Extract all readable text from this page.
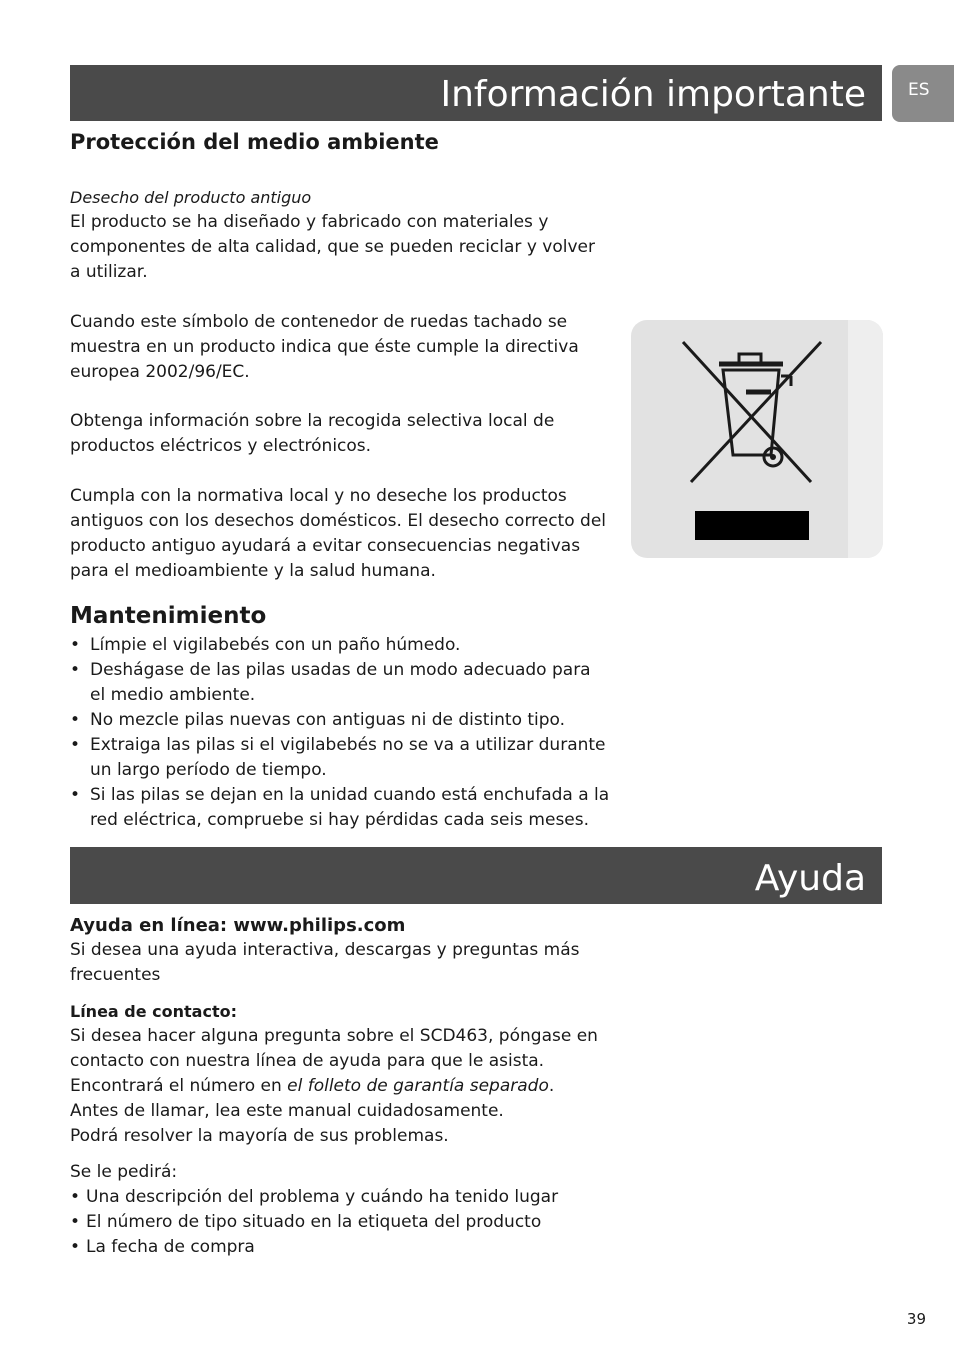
Información importante	ES
Protección del medio ambiente
Desecho del producto antiguo
El producto se ha diseñado y fabricado con materiales y componentes de alta calidad, que se pueden reciclar y volver a utilizar.
Cuando este símbolo de contenedor de ruedas tachado se muestra en un producto indica que éste cumple la directiva europea 2002/96/EC.
Obtenga información sobre la recogida selectiva local de productos eléctricos y electrónicos.
Cumpla con la normativa local y no deseche los productos antiguos con los desechos domésticos. El desecho correcto del producto antiguo ayudará a evitar consecuencias negativas para el medioambiente y la salud humana.
Mantenimiento
• Límpie el vigilabebés con un paño húmedo.
• Deshágase de las pilas usadas de un modo adecuado para el medio ambiente.
• No mezcle pilas nuevas con antiguas ni de distinto tipo.
• Extraiga las pilas si el vigilabebés no se va a utilizar durante un largo período de tiempo.
• Si las pilas se dejan en la unidad cuando está enchufada a la red eléctrica, compruebe si hay pérdidas cada seis meses.
Ayuda
Ayuda en línea: www.philips.com
Si desea una ayuda interactiva, descargas y preguntas más frecuentes
Línea de contacto:
Si desea hacer alguna pregunta sobre el SCD463, póngase en contacto con nuestra línea de ayuda para que le asista.
Encontrará el número en el folleto de garantía separado.
Antes de llamar, lea este manual cuidadosamente.
Podrá resolver la mayoría de sus problemas.
Se le pedirá:
• Una descripción del problema y cuándo ha tenido lugar
• El número de tipo situado en la etiqueta del producto
• La fecha de compra
39
